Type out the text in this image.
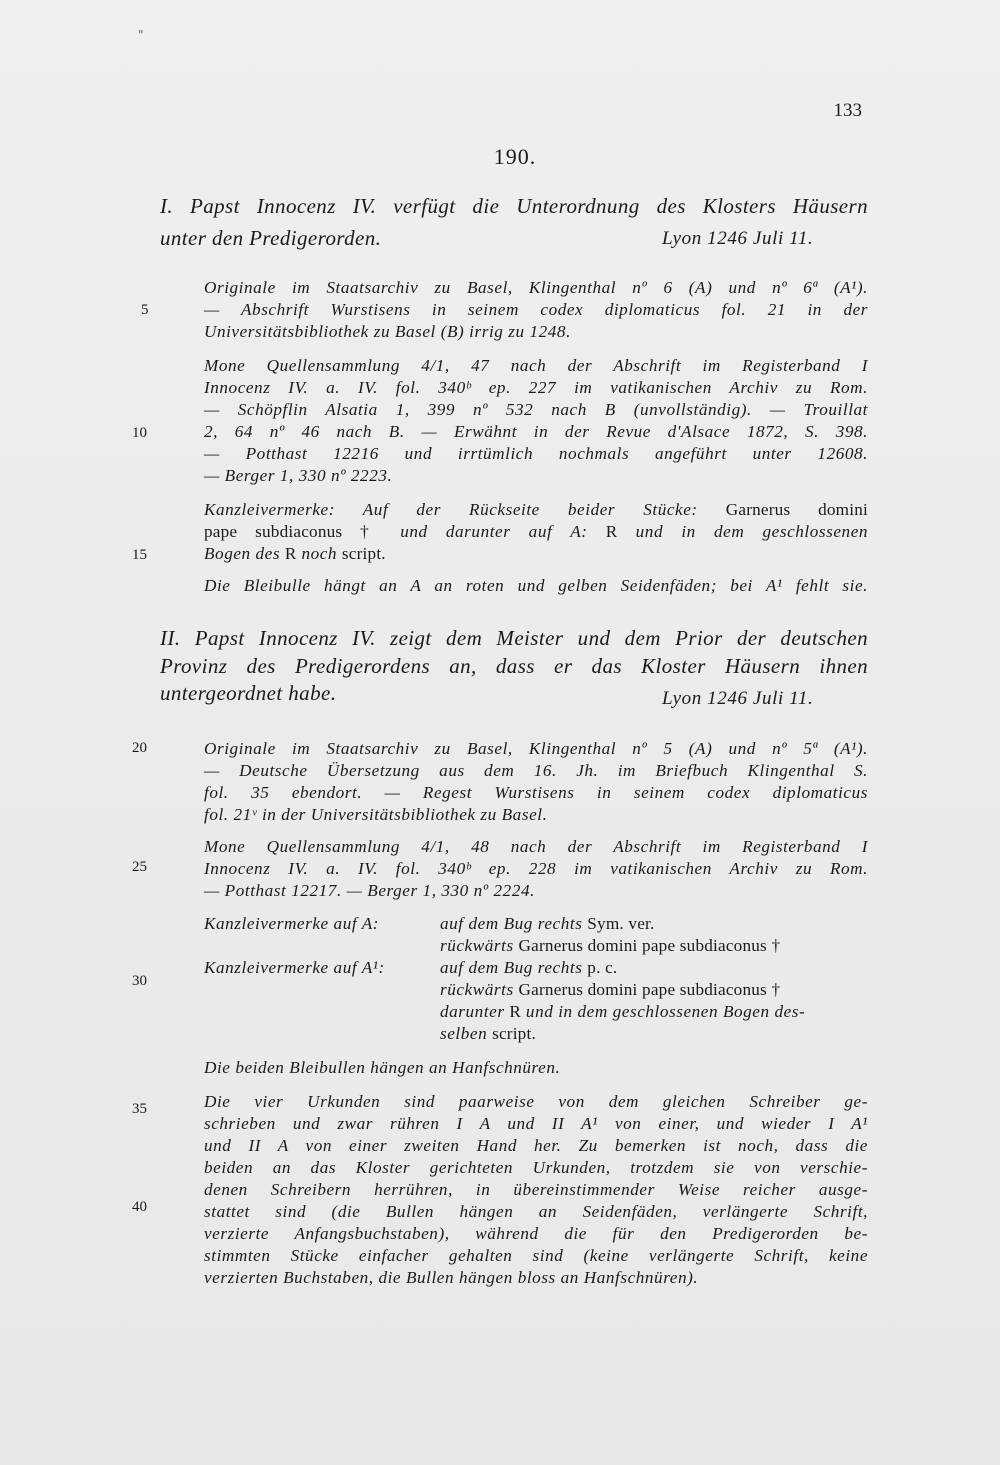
"
133
190.
I. Papst Innocenz IV. verfügt die Unterordnung des Klosters Häusern
unter den Predigerorden.	Lyon 1246 Juli 11.
Originale im Staatsarchiv zu Basel, Klingenthal nº 6 (A) und nº 6ª (A¹).
— Abschrift Wurstisens in seinem codex diplomaticus fol. 21 in der
Universitätsbibliothek zu Basel (B) irrig zu 1248.
Mone Quellensammlung 4/1, 47 nach der Abschrift im Registerband I
Innocenz IV. a. IV. fol. 340ᵇ ep. 227 im vatikanischen Archiv zu Rom.
— Schöpflin Alsatia 1, 399 nº 532 nach B (unvollständig). — Trouillat
2, 64 nº 46 nach B. — Erwähnt in der Revue d'Alsace 1872, S. 398.
— Potthast 12216 und irrtümlich nochmals angeführt unter 12608.
— Berger 1, 330 nº 2223.
Kanzleivermerke: Auf der Rückseite beider Stücke: Garnerus domini
pape subdiaconus † und darunter auf A: R und in dem geschlossenen
Bogen des R noch script.
Die Bleibulle hängt an A an roten und gelben Seidenfäden; bei A¹ fehlt sie.
II. Papst Innocenz IV. zeigt dem Meister und dem Prior der deutschen
Provinz des Predigerordens an, dass er das Kloster Häusern ihnen
untergeordnet habe.	Lyon 1246 Juli 11.
Originale im Staatsarchiv zu Basel, Klingenthal nº 5 (A) und nº 5ª (A¹).
— Deutsche Übersetzung aus dem 16. Jh. im Briefbuch Klingenthal S.
fol. 35 ebendort. — Regest Wurstisens in seinem codex diplomaticus
fol. 21ᵛ in der Universitätsbibliothek zu Basel.
Mone Quellensammlung 4/1, 48 nach der Abschrift im Registerband I
Innocenz IV. a. IV. fol. 340ᵇ ep. 228 im vatikanischen Archiv zu Rom.
— Potthast 12217. — Berger 1, 330 nº 2224.
Kanzleivermerke auf A:	auf dem Bug rechts Sym. ver.
rückwärts Garnerus domini pape subdiaconus †
Kanzleivermerke auf A¹:	auf dem Bug rechts p. c.
rückwärts Garnerus domini pape subdiaconus †
darunter R und in dem geschlossenen Bogen des-
selben script.
Die beiden Bleibullen hängen an Hanfschnüren.
Die vier Urkunden sind paarweise von dem gleichen Schreiber ge-
schrieben und zwar rühren I A und II A¹ von einer, und wieder I A¹
und II A von einer zweiten Hand her. Zu bemerken ist noch, dass die
beiden an das Kloster gerichteten Urkunden, trotzdem sie von verschie-
denen Schreibern herrühren, in übereinstimmender Weise reicher ausge-
stattet sind (die Bullen hängen an Seidenfäden, verlängerte Schrift,
verzierte Anfangsbuchstaben), während die für den Predigerorden be-
stimmten Stücke einfacher gehalten sind (keine verlängerte Schrift, keine
verzierten Buchstaben, die Bullen hängen bloss an Hanfschnüren).
5
10
15
20
25
30
35
40
